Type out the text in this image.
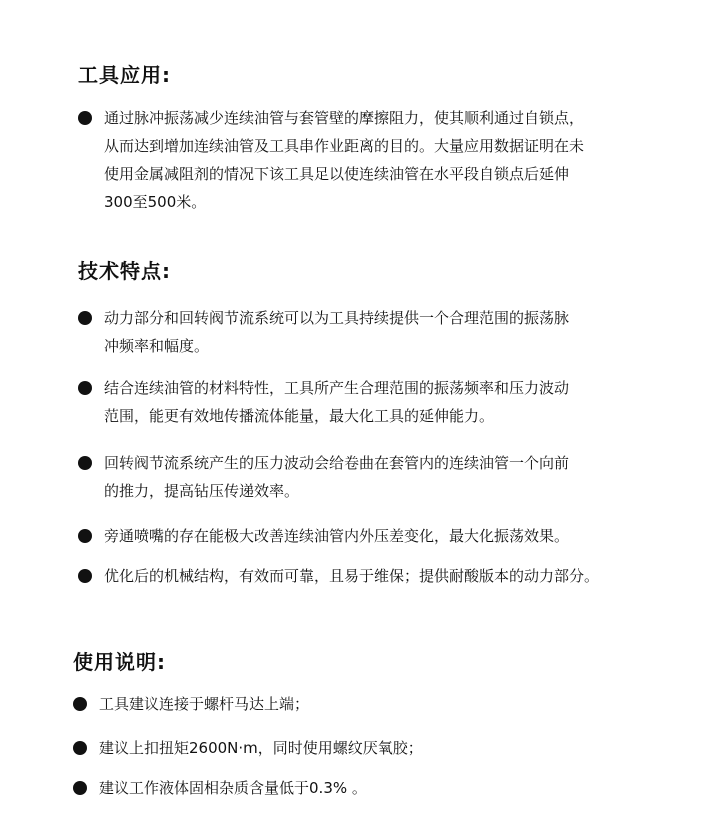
工具应用:
通过脉冲振荡减少连续油管与套管壁的摩擦阻力，使其顺利通过自锁点，
从而达到增加连续油管及工具串作业距离的目的。大量应用数据证明在未
使用金属减阻剂的情况下该工具足以使连续油管在水平段自锁点后延伸
300至500米。
技术特点:
动力部分和回转阀节流系统可以为工具持续提供一个合理范围的振荡脉
冲频率和幅度。
结合连续油管的材料特性，工具所产生合理范围的振荡频率和压力波动
范围，能更有效地传播流体能量，最大化工具的延伸能力。
回转阀节流系统产生的压力波动会给卷曲在套管内的连续油管一个向前
的推力，提高钻压传递效率。
旁通喷嘴的存在能极大改善连续油管内外压差变化，最大化振荡效果。
优化后的机械结构，有效而可靠，且易于维保；提供耐酸版本的动力部分。
使用说明:
工具建议连接于螺杆马达上端；
建议上扣扭矩2600N·m，同时使用螺纹厌氧胶；
建议工作液体固相杂质含量低于0.3% 。
